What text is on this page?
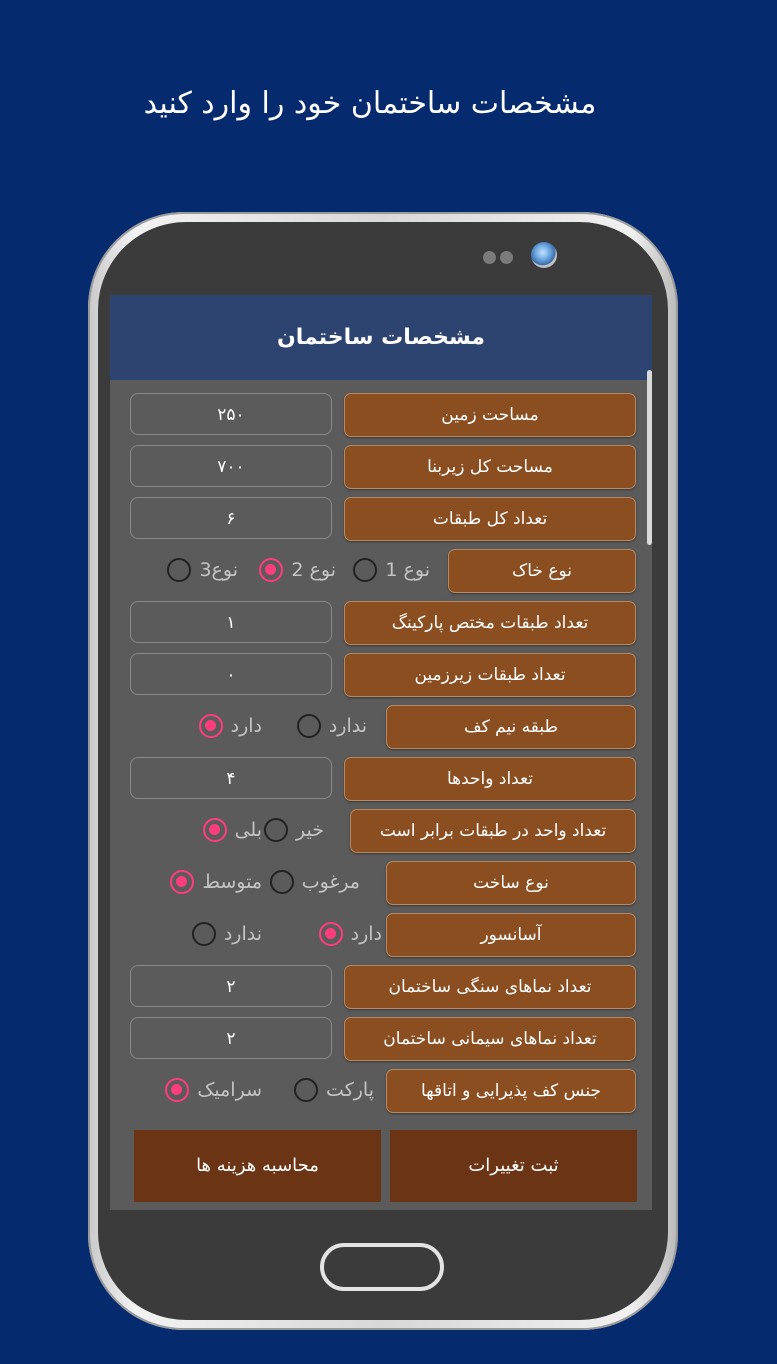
مشخصات ساختمان خود را وارد کنید
مشخصات ساختمان
مساحت زمین
۲۵۰
مساحت کل زیربنا
۷۰۰
تعداد کل طبقات
۶
نوع خاک
نوع 1
نوع 2
نوع3
تعداد طبقات مختص پارکینگ
۱
تعداد طبقات زیرزمین
۰
طبقه نیم کف
ندارد
دارد
تعداد واحدها
۴
تعداد واحد در طبقات برابر است
خیر
بلی
نوع ساخت
مرغوب
متوسط
آسانسور
دارد
ندارد
تعداد نماهای سنگی ساختمان
۲
تعداد نماهای سیمانی ساختمان
۲
جنس کف پذیرایی و اتاقها
پارکت
سرامیک
ثبت تغییرات
محاسبه هزینه ها
